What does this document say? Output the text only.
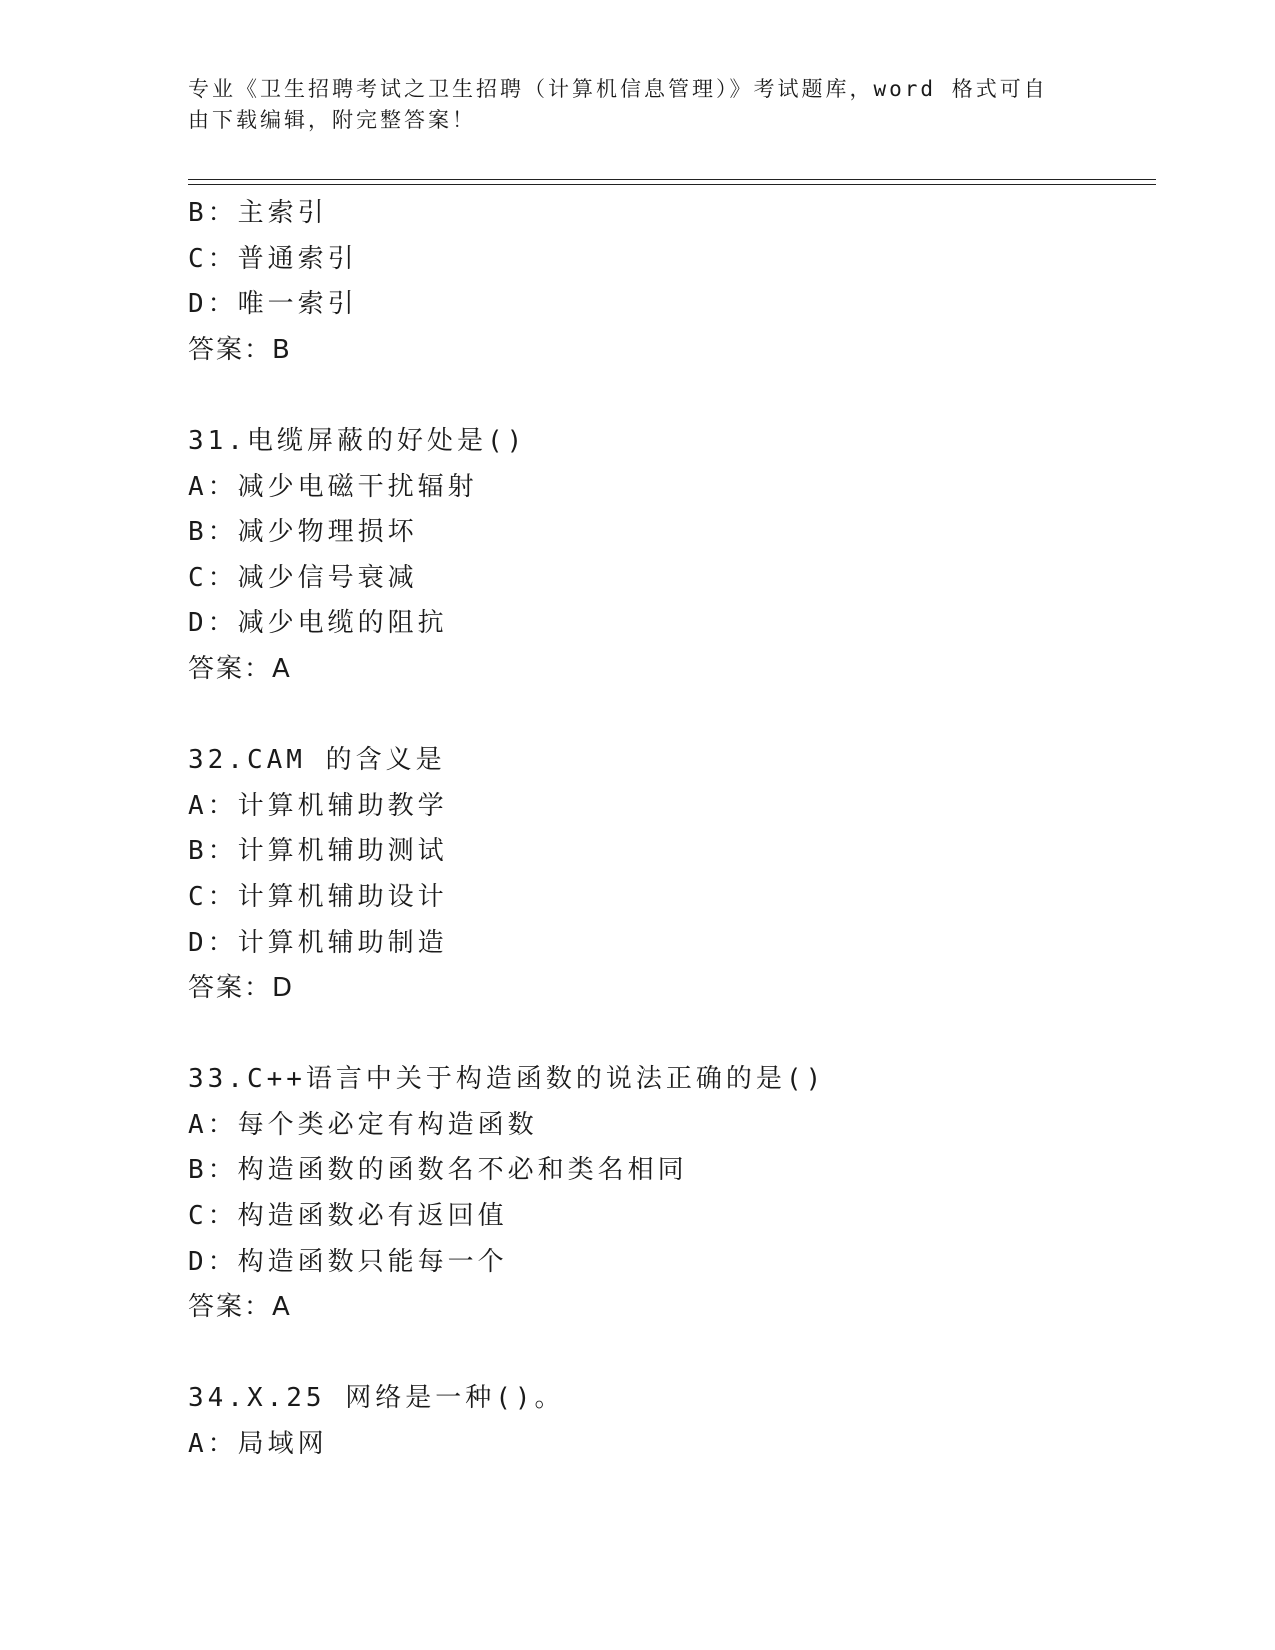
专业《卫生招聘考试之卫生招聘（计算机信息管理）》考试题库，word 格式可自
由下载编辑，附完整答案！
B：主索引
C：普通索引
D：唯一索引
答案：B
31.电缆屏蔽的好处是()
A：减少电磁干扰辐射
B：减少物理损坏
C：减少信号衰减
D：减少电缆的阻抗
答案：A
32.CAM 的含义是
A：计算机辅助教学
B：计算机辅助测试
C：计算机辅助设计
D：计算机辅助制造
答案：D
33.C++语言中关于构造函数的说法正确的是()
A：每个类必定有构造函数
B：构造函数的函数名不必和类名相同
C：构造函数必有返回值
D：构造函数只能每一个
答案：A
34.X.25 网络是一种()。
A：局域网
